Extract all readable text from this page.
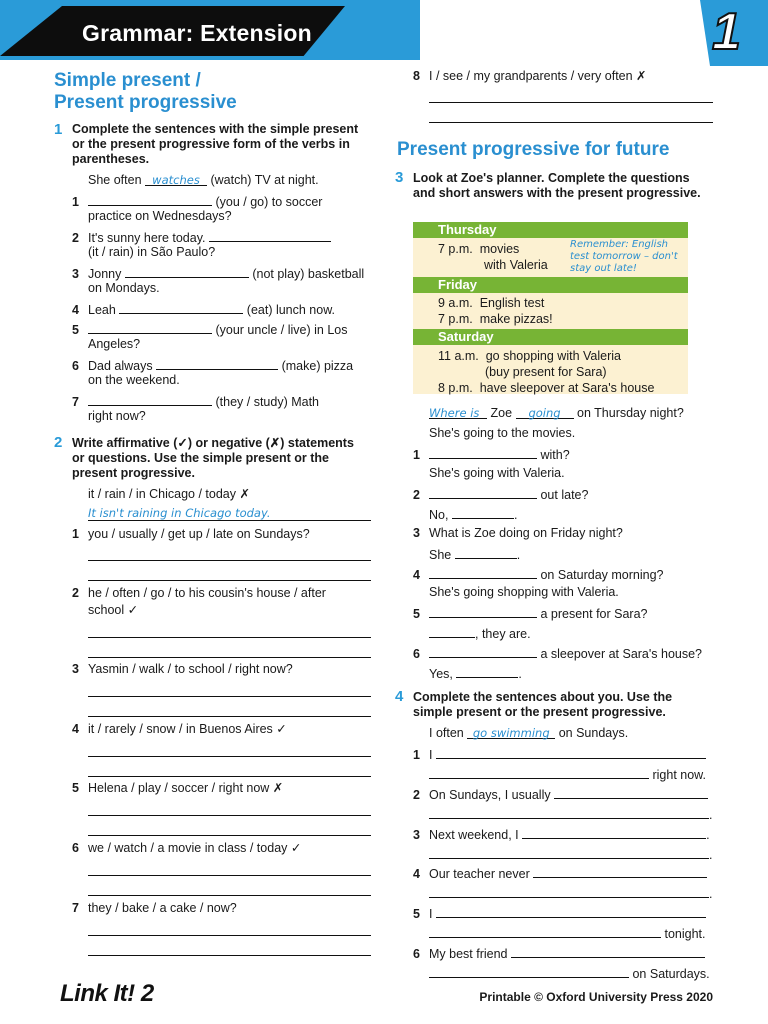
Grammar: Extension	1
Simple present /
Present progressive
1 Complete the sentences with the simple present or the present progressive form of the verbs in parentheses.
She often watches (watch) TV at night.
1	(you / go) to soccer
practice on Wednesdays?
2 It's sunny here today.
(it / rain) in São Paulo?
3 Jonny	(not play) basketball
on Mondays.
4 Leah	(eat) lunch now.
5	(your uncle / live) in Los
Angeles?
6 Dad always	(make) pizza
on the weekend.
7	(they / study) Math
right now?
2 Write affirmative (✓) or negative (✗) statements or questions. Use the simple present or the present progressive.
it / rain / in Chicago / today ✗
It isn't raining in Chicago today.
1 you / usually / get up / late on Sundays?
2 he / often / go / to his cousin's house / after
school ✓
3 Yasmin / walk / to school / right now?
4 it / rarely / snow / in Buenos Aires ✓
5 Helena / play / soccer / right now ✗
6 we / watch / a movie in class / today ✓
7 they / bake / a cake / now?
8 I / see / my grandparents / very often ✗
Present progressive for future
3 Look at Zoe's planner. Complete the questions and short answers with the present progressive.
Thursday
7 p.m. movies
with Valeria
Friday
9 a.m. English test
7 p.m. make pizzas!
Saturday
11 a.m. go shopping with Valeria
(buy present for Sara)
8 p.m. have sleepover at Sara's house
Remember: English test tomorrow – don't stay out late!
Where is Zoe going on Thursday night?
She's going to the movies.
1	with?
She's going with Valeria.
2	out late?
No,	.
3 What is Zoe doing on Friday night?
She	.
4	on Saturday morning?
She's going shopping with Valeria.
5	a present for Sara?
, they are.
6	a sleepover at Sara's house?
Yes,	.
4 Complete the sentences about you. Use the simple present or the present progressive.
I often go swimming on Sundays.
1 I
right now.
2 On Sundays, I usually
.
3 Next weekend, I	.
.
4 Our teacher never
.
5 I
tonight.
6 My best friend
on Saturdays.
Link It! 2	Printable © Oxford University Press 2020
